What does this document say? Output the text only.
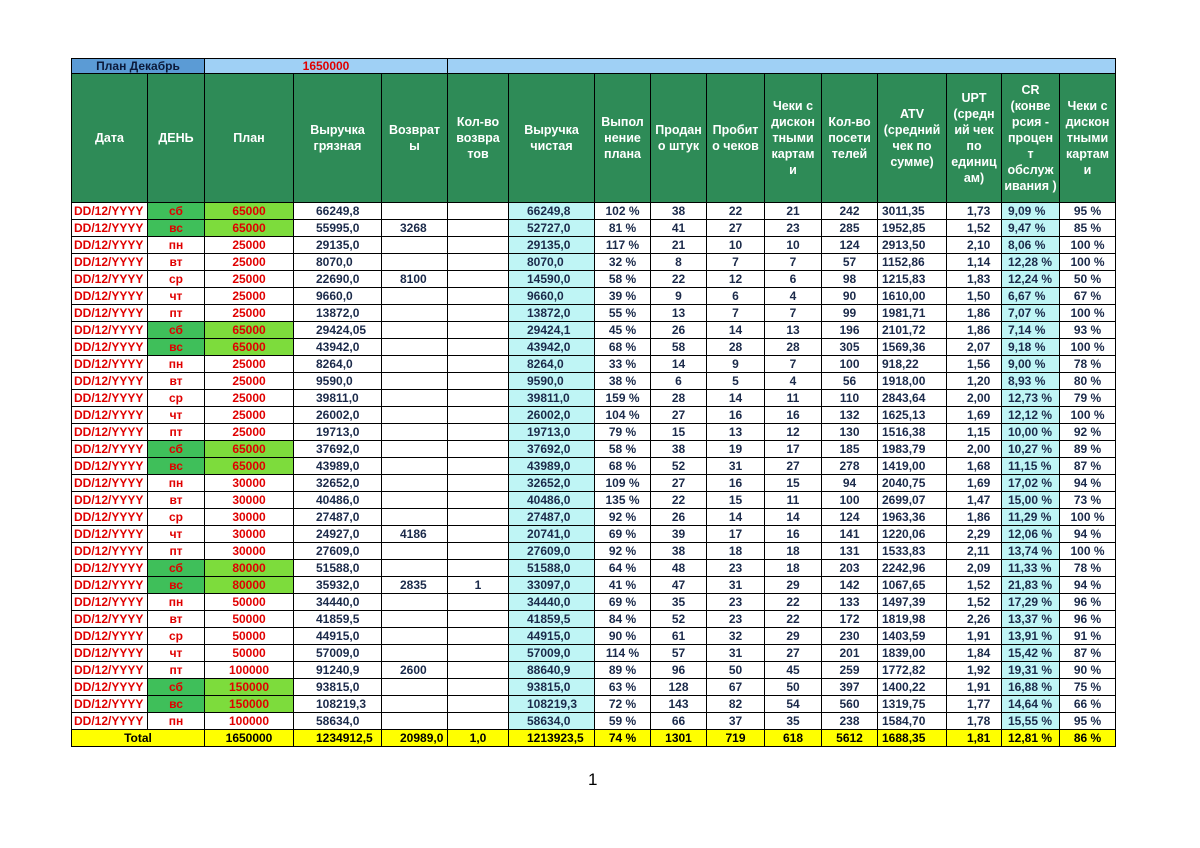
План Декабрь		1650000													
Дата	ДЕНЬ	План	Выручка грязная	Возврат ы	Кол-во возвра тов	Выручка чистая	Выпол нение плана	Продан о штук	Пробит о чеков	Чеки с дискон тными картам и	Кол-во посети телей	ATV (средний чек по сумме)	UPT (средн ий чек по единиц ам)	CR (конве рсия - процен т обслуж ивания )	Чеки с дискон тными картам и
DD/12/YYYY	сб	65000	66249,8			66249,8	102 %	38	22	21	242	3011,35	1,73	9,09 %	95 %
DD/12/YYYY	вс	65000	55995,0	3268		52727,0	81 %	41	27	23	285	1952,85	1,52	9,47 %	85 %
DD/12/YYYY	пн	25000	29135,0			29135,0	117 %	21	10	10	124	2913,50	2,10	8,06 %	100 %
DD/12/YYYY	вт	25000	8070,0			8070,0	32 %	8	7	7	57	1152,86	1,14	12,28 %	100 %
DD/12/YYYY	ср	25000	22690,0	8100		14590,0	58 %	22	12	6	98	1215,83	1,83	12,24 %	50 %
DD/12/YYYY	чт	25000	9660,0			9660,0	39 %	9	6	4	90	1610,00	1,50	6,67 %	67 %
DD/12/YYYY	пт	25000	13872,0			13872,0	55 %	13	7	7	99	1981,71	1,86	7,07 %	100 %
DD/12/YYYY	сб	65000	29424,05			29424,1	45 %	26	14	13	196	2101,72	1,86	7,14 %	93 %
DD/12/YYYY	вс	65000	43942,0			43942,0	68 %	58	28	28	305	1569,36	2,07	9,18 %	100 %
DD/12/YYYY	пн	25000	8264,0			8264,0	33 %	14	9	7	100	918,22	1,56	9,00 %	78 %
DD/12/YYYY	вт	25000	9590,0			9590,0	38 %	6	5	4	56	1918,00	1,20	8,93 %	80 %
DD/12/YYYY	ср	25000	39811,0			39811,0	159 %	28	14	11	110	2843,64	2,00	12,73 %	79 %
DD/12/YYYY	чт	25000	26002,0			26002,0	104 %	27	16	16	132	1625,13	1,69	12,12 %	100 %
DD/12/YYYY	пт	25000	19713,0			19713,0	79 %	15	13	12	130	1516,38	1,15	10,00 %	92 %
DD/12/YYYY	сб	65000	37692,0			37692,0	58 %	38	19	17	185	1983,79	2,00	10,27 %	89 %
DD/12/YYYY	вс	65000	43989,0			43989,0	68 %	52	31	27	278	1419,00	1,68	11,15 %	87 %
DD/12/YYYY	пн	30000	32652,0			32652,0	109 %	27	16	15	94	2040,75	1,69	17,02 %	94 %
DD/12/YYYY	вт	30000	40486,0			40486,0	135 %	22	15	11	100	2699,07	1,47	15,00 %	73 %
DD/12/YYYY	ср	30000	27487,0			27487,0	92 %	26	14	14	124	1963,36	1,86	11,29 %	100 %
DD/12/YYYY	чт	30000	24927,0	4186		20741,0	69 %	39	17	16	141	1220,06	2,29	12,06 %	94 %
DD/12/YYYY	пт	30000	27609,0			27609,0	92 %	38	18	18	131	1533,83	2,11	13,74 %	100 %
DD/12/YYYY	сб	80000	51588,0			51588,0	64 %	48	23	18	203	2242,96	2,09	11,33 %	78 %
DD/12/YYYY	вс	80000	35932,0	2835	1	33097,0	41 %	47	31	29	142	1067,65	1,52	21,83 %	94 %
DD/12/YYYY	пн	50000	34440,0			34440,0	69 %	35	23	22	133	1497,39	1,52	17,29 %	96 %
DD/12/YYYY	вт	50000	41859,5			41859,5	84 %	52	23	22	172	1819,98	2,26	13,37 %	96 %
DD/12/YYYY	ср	50000	44915,0			44915,0	90 %	61	32	29	230	1403,59	1,91	13,91 %	91 %
DD/12/YYYY	чт	50000	57009,0			57009,0	114 %	57	31	27	201	1839,00	1,84	15,42 %	87 %
DD/12/YYYY	пт	100000	91240,9	2600		88640,9	89 %	96	50	45	259	1772,82	1,92	19,31 %	90 %
DD/12/YYYY	сб	150000	93815,0			93815,0	63 %	128	67	50	397	1400,22	1,91	16,88 %	75 %
DD/12/YYYY	вс	150000	108219,3			108219,3	72 %	143	82	54	560	1319,75	1,77	14,64 %	66 %
DD/12/YYYY	пн	100000	58634,0			58634,0	59 %	66	37	35	238	1584,70	1,78	15,55 %	95 %
Total		1650000	1234912,5	20989,0	1,0	1213923,5	74 %	1301	719	618	5612	1688,35	1,81	12,81 %	86 %
1
